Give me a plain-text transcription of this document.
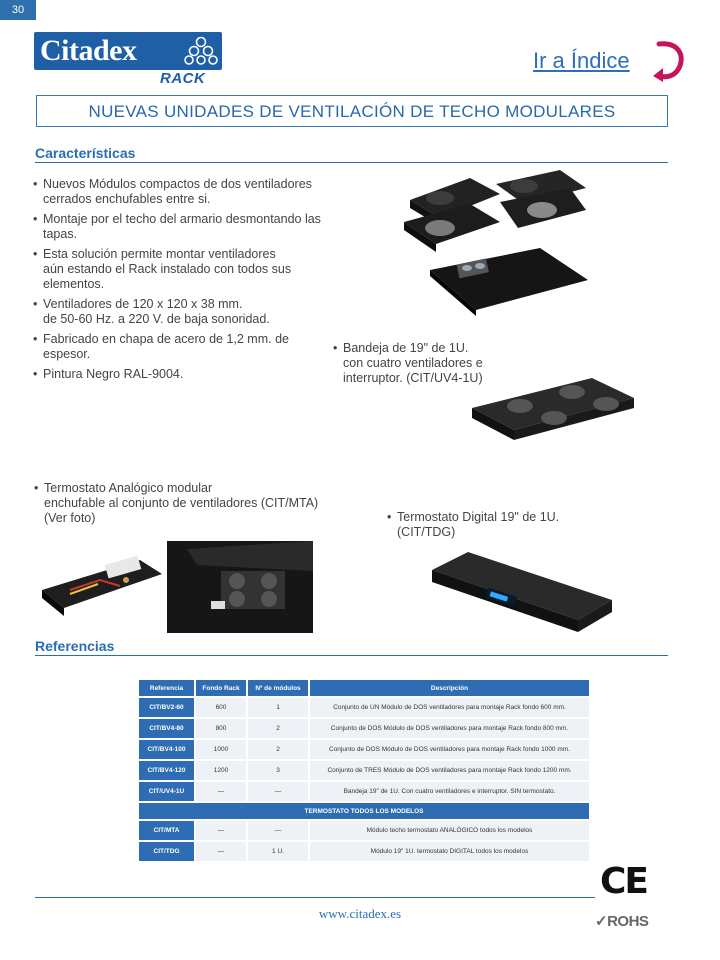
30
Citadex
RACK
Ir a Índice
NUEVAS UNIDADES DE VENTILACIÓN DE TECHO MODULARES
Características
• Nuevos Módulos compactos de dos ventiladores
cerrados enchufables entre si.
• Montaje por el techo del armario desmontando las
tapas.
• Esta solución permite montar ventiladores
aún estando el Rack instalado con todos sus
elementos.
• Ventiladores de 120 x 120 x 38 mm.
de 50-60 Hz. a 220 V. de baja sonoridad.
• Fabricado en chapa de acero de 1,2 mm. de
espesor.
• Pintura Negro RAL-9004.
• Bandeja de 19" de 1U.
con cuatro ventiladores e
interruptor. (CIT/UV4-1U)
• Termostato Analógico modular
enchufable al conjunto de ventiladores (CIT/MTA)
(Ver foto)	• Termostato Digital 19" de 1U.
(CIT/TDG)
Referencias
Referencia	Fondo Rack	Nº de módulos	Descripción
CIT/BV2-60	600	1	Conjunto de UN Módulo de DOS ventiladores para montaje Rack fondo 600 mm.
CIT/BV4-80	800	2	Conjunto de DOS Módulo de DOS ventiladores para montaje Rack fondo 800 mm.
CIT/BV4-100	1000	2	Conjunto de DOS Módulo de DOS ventiladores para montaje Rack fondo 1000 mm.
CIT/BV4-120	1200	3	Conjunto de TRES Módulo de DOS ventiladores para montaje Rack fondo 1200 mm.
CIT/UV4-1U	—	—	Bandeja 19" de 1U. Con cuatro ventiladores e interruptor. SIN termostato.
TERMOSTATO TODOS LOS MODELOS			
CIT/MTA	—	—	Módulo techo termostato ANALÓGICO todos los modelos
CIT/TDG	—	1 U.	Módulo 19" 1U. termostato DIGITAL todos los modelos
www.citadex.es
CE
✓ROHS
